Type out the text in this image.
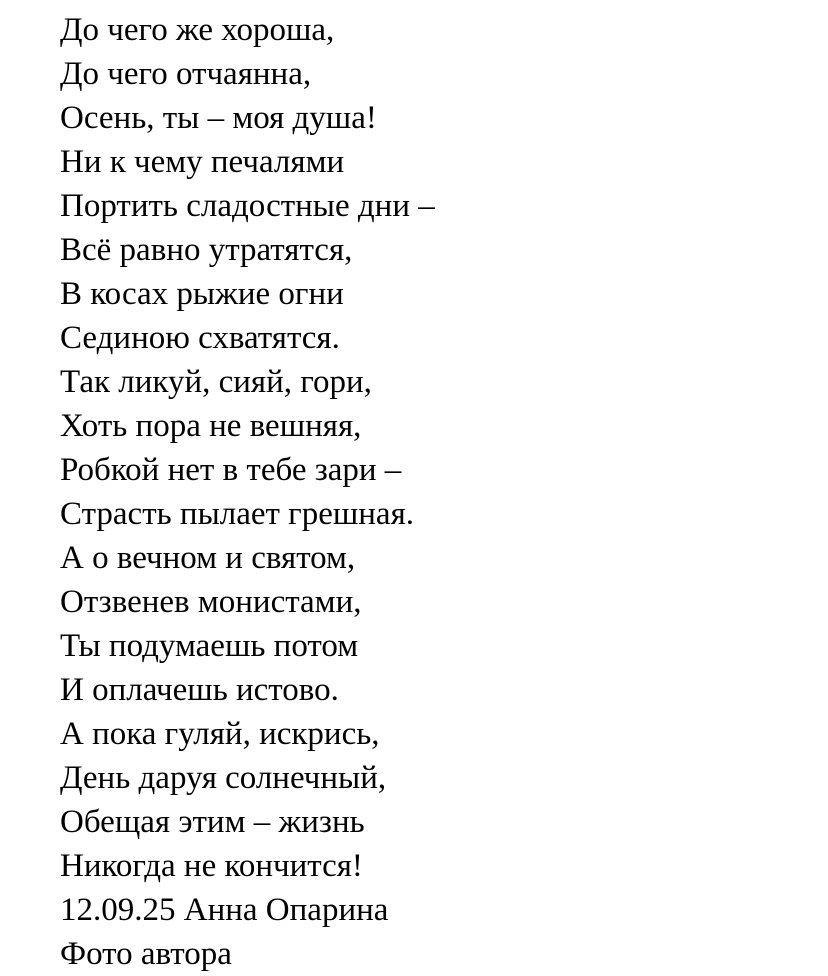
До чего же хороша,
До чего отчаянна,
Осень, ты – моя душа!
Ни к чему печалями
Портить сладостные дни –
Всё равно утратятся,
В косах рыжие огни
Сединою схватятся.
Так ликуй, сияй, гори,
Хоть пора не вешняя,
Робкой нет в тебе зари –
Страсть пылает грешная.
А о вечном и святом,
Отзвенев монистами,
Ты подумаешь потом
И оплачешь истово.
А пока гуляй, искрись,
День даруя солнечный,
Обещая этим – жизнь
Никогда не кончится!
12.09.25 Анна Опарина
Фото автора
